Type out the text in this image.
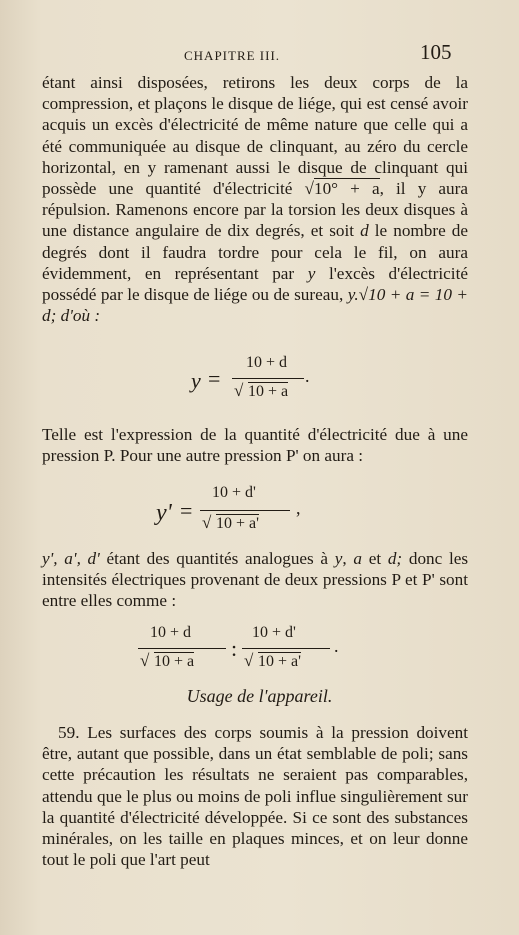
CHAPITRE III.	105

étant ainsi disposées, retirons les deux corps de la compression, et plaçons le disque de liége, qui est censé avoir acquis un excès d'électricité de même nature que celle qui a été communiquée au disque de clinquant, au zéro du cercle horizontal, en y ramenant aussi le disque de clinquant qui possède une quantité d'électricité √10° + a, il y aura répulsion. Ramenons encore par la torsion les deux disques à une distance angulaire de dix degrés, et soit d le nombre de degrés dont il faudra tordre pour cela le fil, on aura évidemment, en représentant par y l'excès d'électricité possédé par le disque de liége ou de sureau, y.√10 + a = 10 + d; d'où :

y =
10 + d
√ 10 + a
.

Telle est l'expression de la quantité d'électricité due à une pression P. Pour une autre pression P' on aura :

y' =
10 + d'
√ 10 + a'
,

y', a', d' étant des quantités analogues à y, a et d; donc les intensités électriques provenant de deux pressions P et P' sont entre elles comme :

10 + d
√ 10 + a
:
10 + d'
√ 10 + a'
.
Usage de l'appareil.

59. Les surfaces des corps soumis à la pression doivent être, autant que possible, dans un état semblable de poli; sans cette précaution les résultats ne seraient pas comparables, attendu que le plus ou moins de poli influe singulièrement sur la quantité d'électricité développée. Si ce sont des substances minérales, on les taille en plaques minces, et on leur donne tout le poli que l'art peut
